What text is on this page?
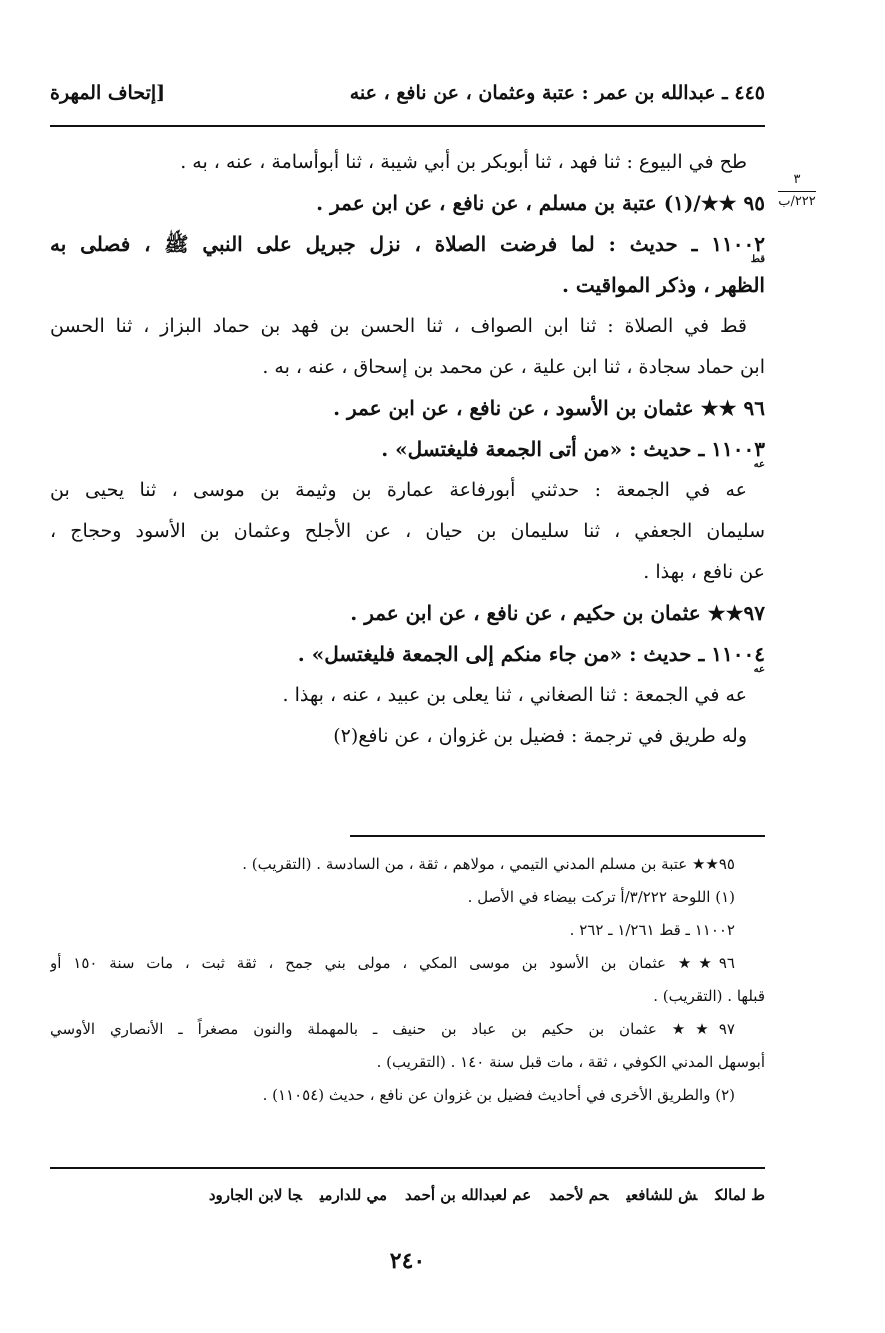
٤٤٥ ـ عبدالله بن عمر : عتبة وعثمان ، عن نافع ، عنه
[إتحاف المهرة
٣
٢٢٢/ب
طح في البيوع : ثنا فهد ، ثنا أبوبكر بن أبي شيبة ، ثنا أبوأسامة ، عنه ، به .
٩٥ ★★/(١) عتبة بن مسلم ، عن نافع ، عن ابن عمر .
١١٠٠٢ ـ حديث : لما فرضت الصلاة ، نزل جبريل على النبي ﷺ ، فصلى به
قط
الظهر ، وذكر المواقيت .
قط في الصلاة : ثنا ابن الصواف ، ثنا الحسن بن فهد بن حماد البزاز ، ثنا الحسن
ابن حماد سجادة ، ثنا ابن علية ، عن محمد بن إسحاق ، عنه ، به .
٩٦ ★★ عثمان بن الأسود ، عن نافع ، عن ابن عمر .
١١٠٠٣ ـ حديث : «من أتى الجمعة فليغتسل» .
عه
عه في الجمعة : حدثني أبورفاعة عمارة بن وثيمة بن موسى ، ثنا يحيى بن
سليمان الجعفي ، ثنا سليمان بن حيان ، عن الأجلح وعثمان بن الأسود وحجاج ،
عن نافع ، بهذا .
٩٧★★ عثمان بن حكيم ، عن نافع ، عن ابن عمر .
١١٠٠٤ ـ حديث : «من جاء منكم إلى الجمعة فليغتسل» .
عه
عه في الجمعة : ثنا الصغاني ، ثنا يعلى بن عبيد ، عنه ، بهذا .
وله طريق في ترجمة : فضيل بن غزوان ، عن نافع(٢)
٩٥★★ عتبة بن مسلم المدني التيمي ، مولاهم ، ثقة ، من السادسة . (التقريب) .
(١) اللوحة ٣/٢٢٢/أ تركت بيضاء في الأصل .
١١٠٠٢ ـ قط ١/٢٦١ ـ ٢٦٢ .
٩٦★★ عثمان بن الأسود بن موسى المكي ، مولى بني جمح ، ثقة ثبت ، مات سنة ١٥٠ أو
قبلها . (التقريب) .
٩٧★★ عثمان بن حكيم بن عباد بن حنيف ـ بالمهملة والنون مصغراً ـ الأنصاري الأوسي
أبوسهل المدني الكوفي ، ثقة ، مات قبل سنة ١٤٠ . (التقريب) .
(٢) والطريق الأخرى في أحاديث فضيل بن غزوان عن نافع ، حديث (١١٠٥٤) .
ط لمالكش للشافعيحم لأحمدعم لعبدالله بن أحمدمي للدارميجا لابن الجارود
٢٤٠
